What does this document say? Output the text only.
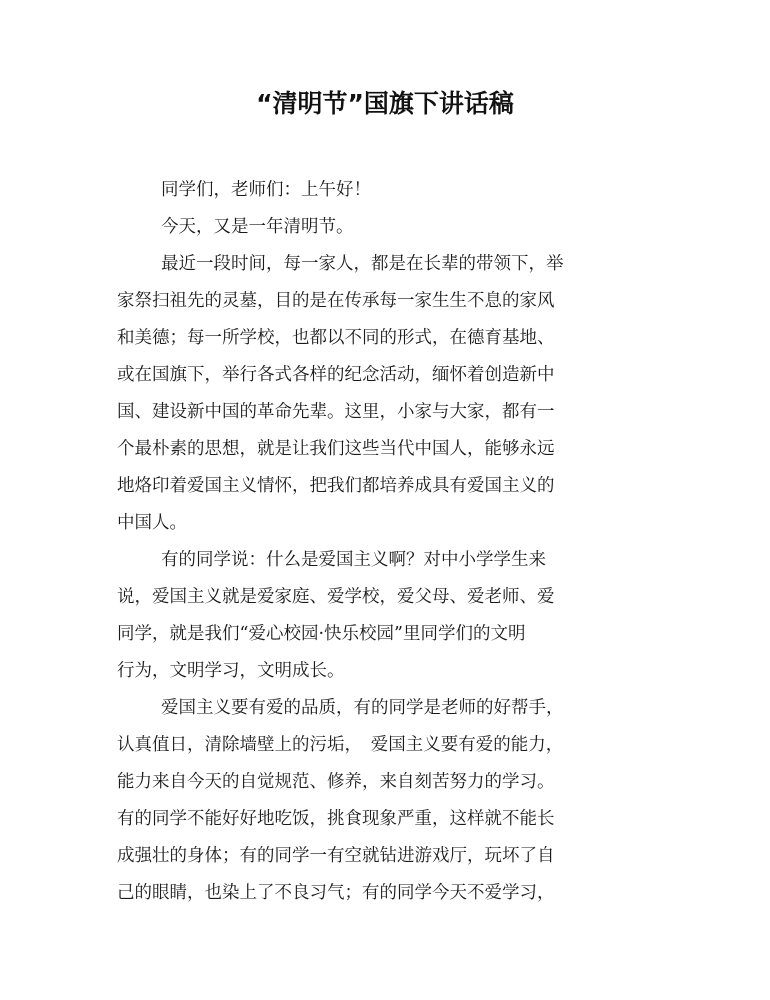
“清明节”国旗下讲话稿
同学们，老师们：上午好！
今天，又是一年清明节。
最近一段时间，每一家人，都是在长辈的带领下，举
家祭扫祖先的灵墓，目的是在传承每一家生生不息的家风
和美德；每一所学校，也都以不同的形式，在德育基地、
或在国旗下，举行各式各样的纪念活动，缅怀着创造新中
国、建设新中国的革命先辈。这里，小家与大家，都有一
个最朴素的思想，就是让我们这些当代中国人，能够永远
地烙印着爱国主义情怀，把我们都培养成具有爱国主义的
中国人。
有的同学说：什么是爱国主义啊？对中小学学生来
说，爱国主义就是爱家庭、爱学校，爱父母、爱老师、爱
同学，就是我们“爱心校园·快乐校园”里同学们的文明
行为，文明学习，文明成长。
爱国主义要有爱的品质，有的同学是老师的好帮手，
认真值日，清除墙壁上的污垢，　爱国主义要有爱的能力，
能力来自今天的自觉规范、修养，来自刻苦努力的学习。
有的同学不能好好地吃饭，挑食现象严重，这样就不能长
成强壮的身体；有的同学一有空就钻进游戏厅，玩坏了自
己的眼睛，也染上了不良习气；有的同学今天不爱学习，
